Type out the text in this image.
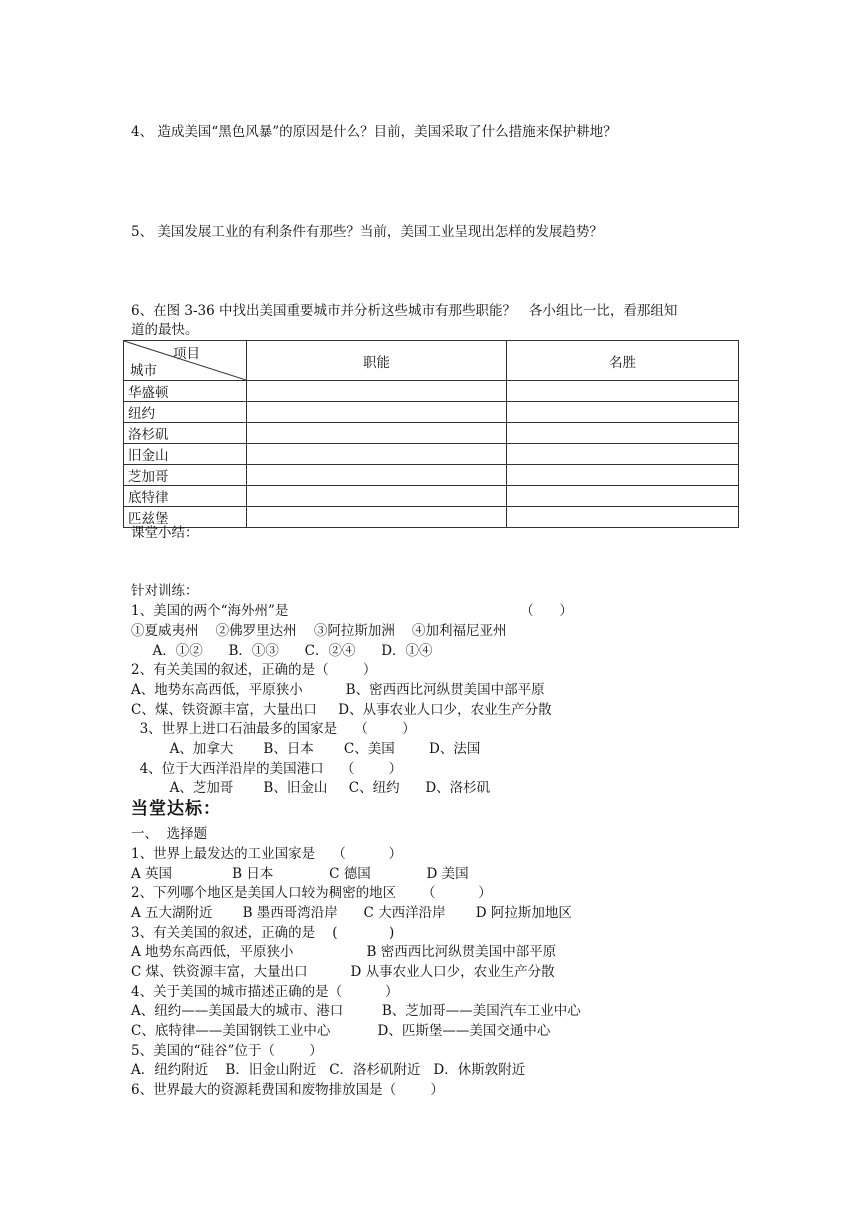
4、 造成美国“黑色风暴”的原因是什么？目前，美国采取了什么措施来保护耕地？
5、 美国发展工业的有利条件有那些？当前，美国工业呈现出怎样的发展趋势？
6、在图 3-36 中找出美国重要城市并分析这些城市有那些职能？   各小组比一比，看那组知
道的最快。
项目
城市	职能	名胜
华盛顿		
纽约		
洛杉矶		
旧金山		
芝加哥		
底特律		
匹兹堡		
课堂小结：
针对训练：
1、美国的两个“海外州”是                                                      （      ）
①夏威夷州    ②佛罗里达州    ③阿拉斯加洲    ④加利福尼亚州
A．①②      B．①③      C．②④      D．①④
2、有关美国的叙述，正确的是（        ）
A、地势东高西低，平原狭小          B、密西西比河纵贯美国中部平原
C、煤、铁资源丰富，大量出口     D、从事农业人口少，农业生产分散
3、世界上进口石油最多的国家是    （        ）
A、加拿大       B、日本       C、美国        D、法国
4、位于大西洋沿岸的美国港口    （        ）
A、芝加哥       B、旧金山     C、纽约      D、洛杉矶
当堂达标：
一、  选择题
1、世界上最发达的工业国家是    （          ）
A 英国              B 日本             C 德国             D 美国
2、下列哪个地区是美国人口较为稠密的地区      （          ）
A 五大湖附近       B 墨西哥湾沿岸      C 大西洋沿岸       D 阿拉斯加地区
3、有关美国的叙述，正确的是    (            )
A 地势东高西低，平原狭小                 B 密西西比河纵贯美国中部平原
C 煤、铁资源丰富，大量出口          D 从事农业人口少，农业生产分散
4、关于美国的城市描述正确的是（          ）
A、纽约——美国最大的城市、港口         B、芝加哥——美国汽车工业中心
C、底特律——美国钢铁工业中心           D、匹斯堡——美国交通中心
5、美国的“硅谷”位于（        ）
A．纽约附近    B．旧金山附近   C．洛杉矶附近   D．休斯敦附近
6、世界最大的资源耗费国和废物排放国是（        ）
